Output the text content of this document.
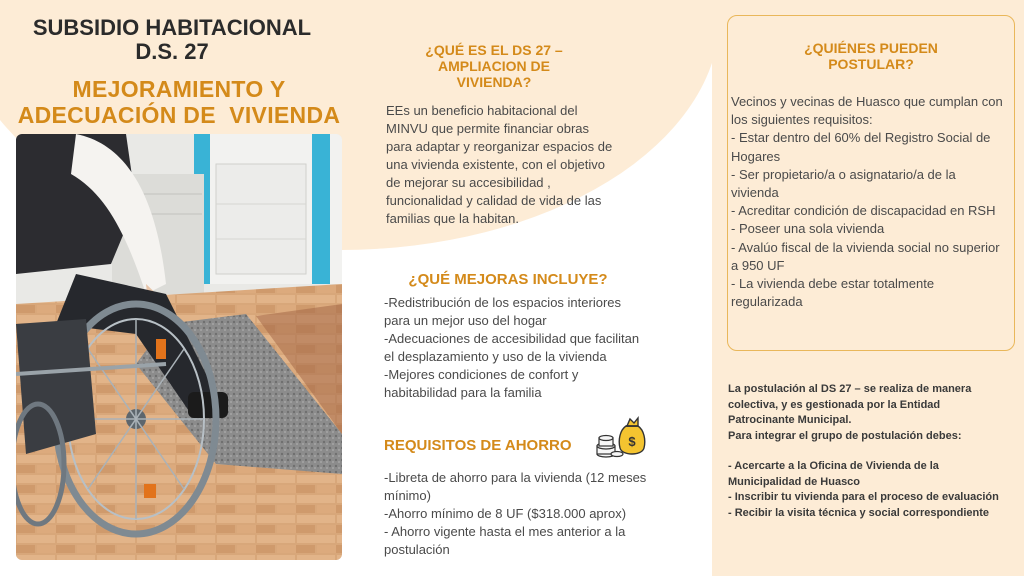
SUBSIDIO HABITACIONAL
D.S. 27
MEJORAMIENTO Y
ADECUACIÓN DE  VIVIENDA
¿QUÉ ES EL DS 27 –
AMPLIACION DE
VIVIENDA?

EEs un beneficio habitacional del MINVU que permite financiar obras para adaptar y reorganizar espacios de una vivienda existente, con el objetivo de mejorar su accesibilidad , funcionalidad y calidad de vida de las familias que la habitan.

¿QUÉ MEJORAS INCLUYE?
-Redistribución de los espacios interiores para un mejor uso del hogar
-Adecuaciones de accesibilidad que facilitan el desplazamiento y uso de la vivienda
-Mejores condiciones de confort y habitabilidad para la familia
REQUISITOS DE AHORRO	$
-Libreta de ahorro para la vivienda (12 meses mínimo)
-Ahorro mínimo de 8 UF ($318.000 aprox)
- Ahorro vigente hasta el mes anterior a la postulación
¿QUIÉNES PUEDEN
POSTULAR?
Vecinos y vecinas de Huasco que cumplan con los siguientes requisitos:
- Estar dentro del 60% del Registro Social de Hogares
- Ser propietario/a o asignatario/a de la vivienda
- Acreditar condición de discapacidad en RSH
- Poseer una sola vivienda
- Avalúo fiscal de la vivienda social no superior a 950 UF
- La vivienda debe estar totalmente regularizada

La postulación al DS 27 – se realiza de manera colectiva, y es gestionada por la Entidad Patrocinante Municipal.

Para integrar el grupo de postulación debes:

- Acercarte a la Oficina de Vivienda de la Municipalidad de Huasco

- Inscribir tu vivienda para el proceso de evaluación

- Recibir la visita técnica y social correspondiente
